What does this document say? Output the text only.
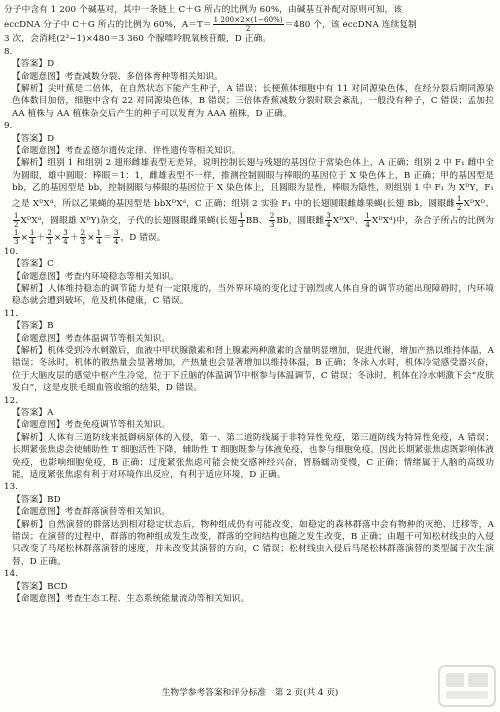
分子中含有 1 200 个碱基对，其中一条链上 C＋G 所占的比例为 60%，由碱基互补配对原则可知，该

eccDNA 分子中 C＋G 所占的比例为 60%，$A=T= \frac{1 200\times 2\times(1-60\%)}{2} =480$ 个，该 eccDNA 连续复制

3 次，会消耗(2³−1)×480＝3 360 个腺嘌呤脱氧核苷酸，D 正确。

8.

【答案】D

【命题意图】考查减数分裂、多倍体育种等相关知识。

【解析】尖叶蕉是二倍体，在自然状态下能产生种子，A 错误；长梗蕉体细胞中有 11 对同源染色体，在经分裂后期同源染色体数目加倍，细胞中含有 22 对同源染色体，B 错误；三倍体香蕉减数分裂时联会紊乱，一般没有种子，C 错误；孟加拉 AA 植株与 AA 植株杂交后产生的种子可以发育为 AAA 植株，D 正确。

9.

【答案】D

【命题意图】考查孟德尔遗传定律、伴性遗传等相关知识。

【解析】组别 1 和组别 2 翅形雌雄表型无差异，说明控制长翅与残翅的基因位于常染色体上，A 正确；组别 2 中 F₁ 雌中全为圆眼，雄中圆眼：棒眼＝1：1，雌雄表型不一样，推测控制圆眼与棒眼的基因位于 X 染色体上，B 正确；甲的基因型是 bb，乙的基因型是 bb，控制圆眼与棒眼的基因位于 X 染色体上，且圆眼为显性，棒眼为隐性，则组别 1 中 F₁ 为 XᴰY，F₁ 之是 XᴰXᵈ，所以乙果蝇的基因型是 bbXᴰXᵈ，C 正确；组别 2 实验 F₁ 中的长翅圆眼雌雄果蝇(长翅 Bb，圆眼雌 $\frac{1}{2}$ XᴰXᴰ、
$\frac{1}{2}$ XᴰXᵈ，圆眼雄 XᴰY)杂交，子代的长翅圆眼雌果蝇(长翅 $\frac{1}{3}$ BB、 $\frac{2}{3}$ Bb，圆眼雌 $\frac{3}{4}$ XᴰXᴰ、 $\frac{1}{4}$ XᴰXᵈ)中，杂合子所占的比例为
$\frac{1}{3} \times \frac{1}{4} + \frac{2}{3} \times \frac{3}{4} + \frac{2}{3} \times \frac{1}{4} = \frac{3}{4}$ ，D 错误。

10.

【答案】C

【命题意图】考查内环境稳态等相关知识。

【解析】人体维持稳态的调节能力是有一定限度的，当外界环境的变化过于剧烈或人体自身的调节功能出现障碍时，内环境稳态就会遭到破坏，危及机体健康，C 错误。

11.

【答案】B

【命题意图】考查体温调节等相关知识。

【解析】机体受到冷水刺激后，血液中甲状腺激素和肾上腺素两种激素的含量明显增加，促进代谢，增加产热以维持体温，A 错误；冬泳时，机体的散热量会显著增加，产热量也会显著增加以维持体温，B 正确；冬泳入水时，机体冷觉感受器兴奋，位于大脑皮层的感觉中枢产生冷觉，位于下丘脑的体温调节中枢参与体温调节，C 错误；冬泳时，机体在冷水刺激下会“皮肤发白”，这是皮肤毛细血管收缩的结果，D 错误。

12.

【答案】A

【命题意图】考查免疫调节等相关知识。

【解析】人体有三道防线来抵御病原体的入侵，第一、第二道防线属于非特异性免疫，第三道防线为特异性免疫，A 错误；长期紧张焦虑会使辅助性 T 细胞活性下降，辅助性 T 细胞既参与体液免疫，也参与细胞免疫，因此长期紧张焦虑既影响体液免疫，也影响细胞免疫，B 正确；过度紧张焦虑可能会使交感神经兴奋，胃肠蠕动变慢，C 正确；情绪属于人脑的高级功能，适度紧张焦虑有利于对环境作出反应，有利于适应环境，D 正确。

13.

【答案】BD

【命题意图】考查群落演替等相关知识。

【解析】自然演替的群落达到相对稳定状态后，物种组成仍有可能改变，如稳定的森林群落中会有物种的灭绝、迁移等，A 错误；在演替的过程中，群落的物种组成发生改变，群落的空间结构也随之发生改变，B 正确；由题干可知松材线虫的入侵只改变了马尾松林群落演替的速度，并未改变其演替的方向，C 错误；松材线虫入侵后马尾松林群落演替的类型属于次生演替，D 正确。

14.

【答案】BCD

【命题意图】考查生态工程、生态系统能量流动等相关知识。

生物学参考答案和评分标准　第 2 页(共 4 页)
